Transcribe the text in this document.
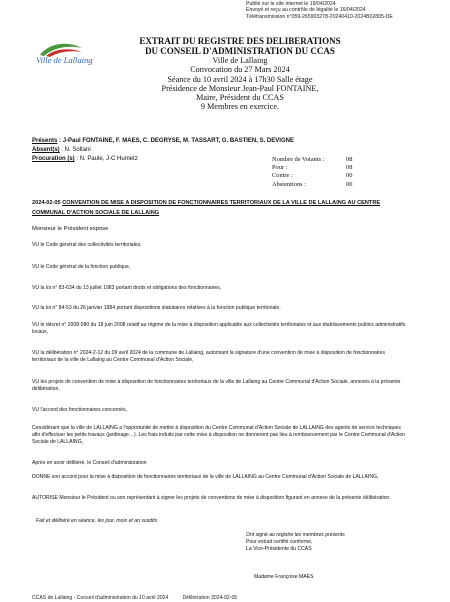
Publié sur le site internet le 19/04/2024
Envoyé et reçu au contrôle de légalité le 16/04/2024
Télétransmission n°059-265903278-20240410-2024B02805-DE
Ville de Lallaing
EXTRAIT DU REGISTRE DES DELIBERATIONS
DU CONSEIL D'ADMINISTRATION DU CCAS
Ville de Lallaing
Convocation du 27 Mars 2024
Séance du 10 avril 2024 à 17h30 Salle étage
Présidence de Monsieur Jean-Paul FONTAINE,
Maire, Président du CCAS
9 Membres en exercice.
Présents : J-Paul FONTAINE, F. MAES, C. DEGRYSE, M. TASSART, G. BASTIEN, S. DEVIGNE
Absent(s) : N. Soltani
Procuration (s) : N. Paule, J-C Humetz	Nombre de Votants :	08
Pour :	08
Contre :	00
Abstentions :	00
2024-02-05 CONVENTION DE MISE A DISPOSITION DE FONCTIONNAIRES TERRITORIAUX DE LA VILLE DE LALLAING AU CENTRE COMMUNAL D'ACTION SOCIALE DE LALLAING
Monsieur le Président expose
VU le Code général des collectivités territoriales,
VU le Code général de la fonction publique,
VU la loi n° 83-634 du 13 juillet 1983 portant droits et obligations des fonctionnaires,
VU la loi n° 84-53 du 26 janvier 1984 portant dispositions statutaires relatives à la fonction publique territoriale,
VU le décret n° 2008-580 du 18 juin 2008 relatif au régime de la mise à disposition applicable aux collectivités territoriales et aux établissements publics administratifs locaux,
VU la délibération n° 2024-2-12 du 09 avril 2024 de la commune de Lallaing, autorisant la signature d'une convention de mise à disposition de fonctionnaires territoriaux de la ville de Lallaing au Centre Communal d'Action Sociale,
VU les projets de convention de mise à disposition de fonctionnaires territoriaux de la ville de Lallaing au Centre Communal d'Action Sociale, annexés à la présente délibération,
VU l'accord des fonctionnaires concernés,
Considérant que la ville de LALLAING a l'opportunité de mettre à disposition du Centre Communal d'Action Sociale de LALLAING des agents de service techniques afin d'effectuer les petits travaux (jardinage…). Les frais induits par cette mise à disposition ne donneront pas lieu à remboursement par le Centre Communal d'Action Sociale de LALLAING,
Après en avoir délibéré, le Conseil d'administration
DONNE son accord pour la mise à disposition de fonctionnaires territoriaux de la ville de LALLAING au Centre Communal d'Action Sociale de LALLAING,
AUTORISE Monsieur le Président ou son représentant à signer les projets de conventions de mise à disposition figurant en annexe de la présente délibération.
Fait et délibéré en séance, les jour, mois et an susdits
Ont signé au registre les membres présents
Pour extrait certifié conforme,
La Vice-Présidente du CCAS
Madame Françoise MAES
CCAS de Lallaing - Conseil d'administration du 10 avril 2024          Délibération 2024-02-05
